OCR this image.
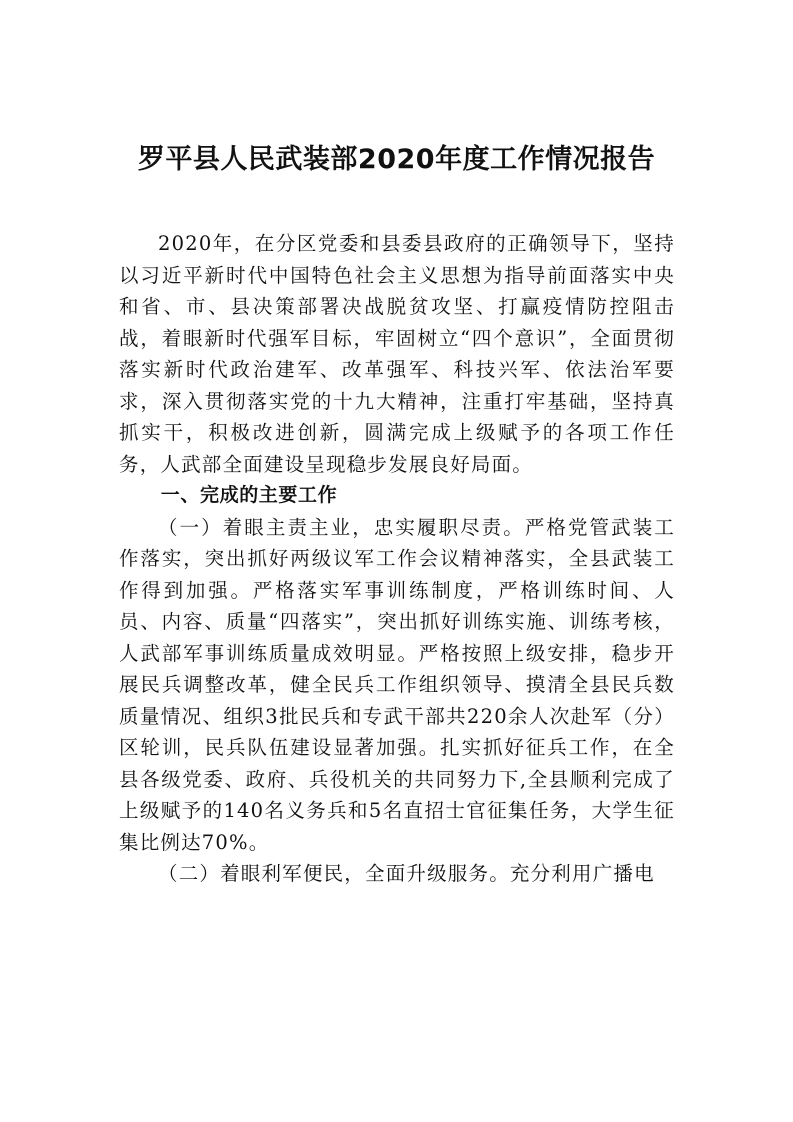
罗平县人民武装部2020年度工作情况报告

2020年，在分区党委和县委县政府的正确领导下，坚持以习近平新时代中国特色社会主义思想为指导前面落实中央和省、市、县决策部署决战脱贫攻坚、打赢疫情防控阻击战，着眼新时代强军目标，牢固树立“四个意识”，全面贯彻落实新时代政治建军、改革强军、科技兴军、依法治军要求，深入贯彻落实党的十九大精神，注重打牢基础，坚持真抓实干，积极改进创新，圆满完成上级赋予的各项工作任务，人武部全面建设呈现稳步发展良好局面。

一、完成的主要工作

（一）着眼主责主业，忠实履职尽责。严格党管武装工作落实，突出抓好两级议军工作会议精神落实，全县武装工作得到加强。严格落实军事训练制度，严格训练时间、人员、内容、质量“四落实”，突出抓好训练实施、训练考核，人武部军事训练质量成效明显。严格按照上级安排，稳步开展民兵调整改革，健全民兵工作组织领导、摸清全县民兵数质量情况、组织3批民兵和专武干部共220余人次赴军（分）区轮训，民兵队伍建设显著加强。扎实抓好征兵工作，在全县各级党委、政府、兵役机关的共同努力下,全县顺利完成了上级赋予的140名义务兵和5名直招士官征集任务，大学生征集比例达70%。

（二）着眼利军便民，全面升级服务。充分利用广播电
